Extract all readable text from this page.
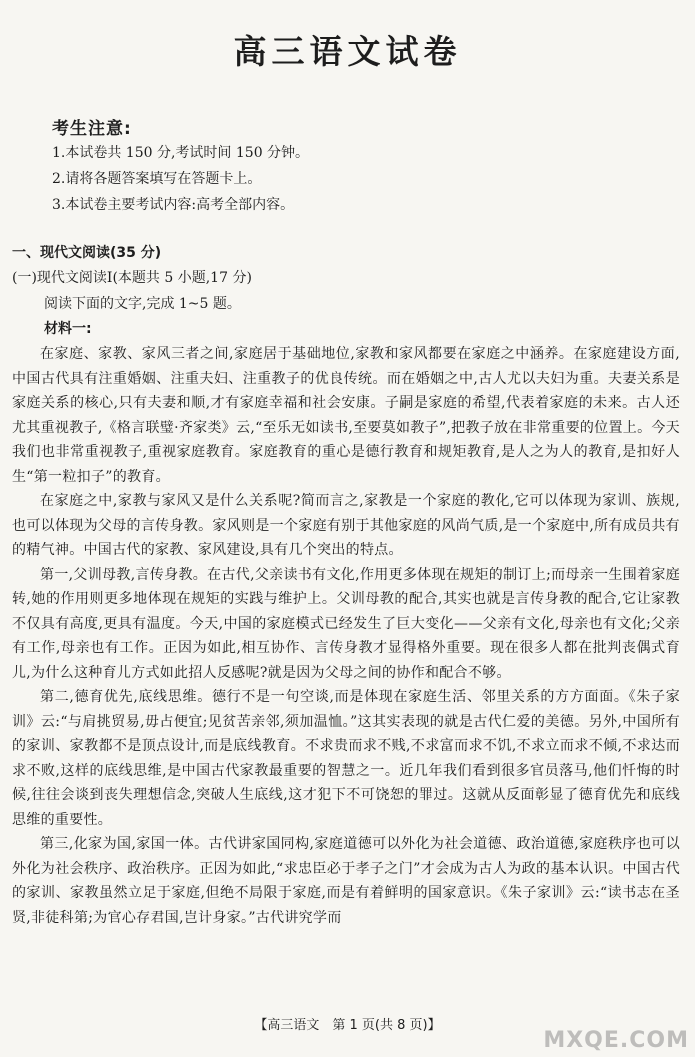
高三语文试卷
考生注意:
1.本试卷共 150 分,考试时间 150 分钟。
2.请将各题答案填写在答题卡上。
3.本试卷主要考试内容:高考全部内容。
一、现代文阅读(35 分)
(一)现代文阅读Ⅰ(本题共 5 小题,17 分)
阅读下面的文字,完成 1~5 题。
材料一:

在家庭、家教、家风三者之间,家庭居于基础地位,家教和家风都要在家庭之中涵养。在家庭建设方面,中国古代具有注重婚姻、注重夫妇、注重教子的优良传统。而在婚姻之中,古人尤以夫妇为重。夫妻关系是家庭关系的核心,只有夫妻和顺,才有家庭幸福和社会安康。子嗣是家庭的希望,代表着家庭的未来。古人还尤其重视教子,《格言联璧·齐家类》云,“至乐无如读书,至要莫如教子”,把教子放在非常重要的位置上。今天我们也非常重视教子,重视家庭教育。家庭教育的重心是德行教育和规矩教育,是人之为人的教育,是扣好人生“第一粒扣子”的教育。

在家庭之中,家教与家风又是什么关系呢?简而言之,家教是一个家庭的教化,它可以体现为家训、族规,也可以体现为父母的言传身教。家风则是一个家庭有别于其他家庭的风尚气质,是一个家庭中,所有成员共有的精气神。中国古代的家教、家风建设,具有几个突出的特点。

第一,父训母教,言传身教。在古代,父亲读书有文化,作用更多体现在规矩的制订上;而母亲一生围着家庭转,她的作用则更多地体现在规矩的实践与维护上。父训母教的配合,其实也就是言传身教的配合,它让家教不仅具有高度,更具有温度。今天,中国的家庭模式已经发生了巨大变化——父亲有文化,母亲也有文化;父亲有工作,母亲也有工作。正因为如此,相互协作、言传身教才显得格外重要。现在很多人都在批判丧偶式育儿,为什么这种育儿方式如此招人反感呢?就是因为父母之间的协作和配合不够。

第二,德育优先,底线思维。德行不是一句空谈,而是体现在家庭生活、邻里关系的方方面面。《朱子家训》云:“与肩挑贸易,毋占便宜;见贫苦亲邻,须加温恤。”这其实表现的就是古代仁爱的美德。另外,中国所有的家训、家教都不是顶点设计,而是底线教育。不求贵而求不贱,不求富而求不饥,不求立而求不倾,不求达而求不败,这样的底线思维,是中国古代家教最重要的智慧之一。近几年我们看到很多官员落马,他们忏悔的时候,往往会谈到丧失理想信念,突破人生底线,这才犯下不可饶恕的罪过。这就从反面彰显了德育优先和底线思维的重要性。

第三,化家为国,家国一体。古代讲家国同构,家庭道德可以外化为社会道德、政治道德,家庭秩序也可以外化为社会秩序、政治秩序。正因为如此,“求忠臣必于孝子之门”才会成为古人为政的基本认识。中国古代的家训、家教虽然立足于家庭,但绝不局限于家庭,而是有着鲜明的国家意识。《朱子家训》云:“读书志在圣贤,非徒科第;为官心存君国,岂计身家。”古代讲究学而

【高三语文　第 1 页(共 8 页)】
MXQE.COM
